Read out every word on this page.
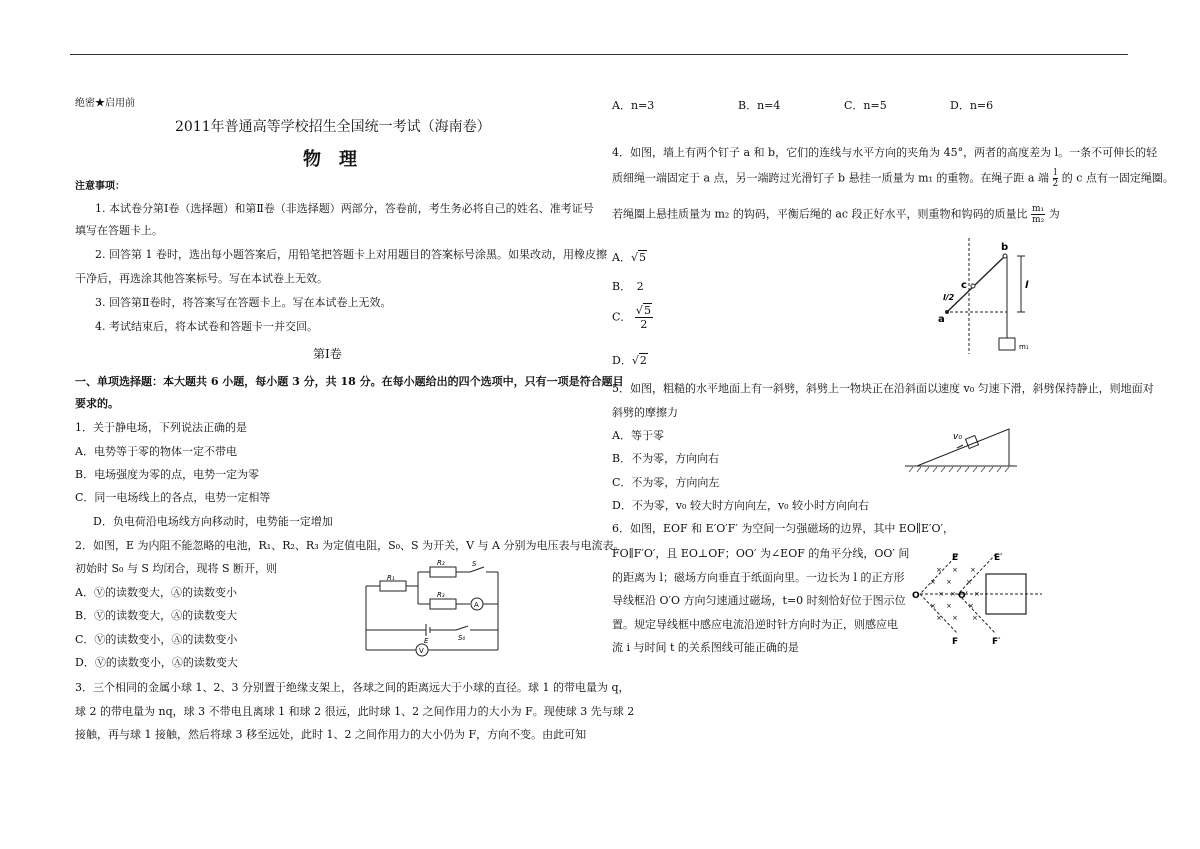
绝密★启用前
2011年普通高等学校招生全国统一考试（海南卷）
物　理
注意事项：
1. 本试卷分第Ⅰ卷（选择题）和第Ⅱ卷（非选择题）两部分，答卷前，考生务必将自己的姓名、准考证号
填写在答题卡上。
2. 回答第 1 卷时，选出每小题答案后，用铅笔把答题卡上对用题目的答案标号涂黑。如果改动，用橡皮擦
干净后，再选涂其他答案标号。写在本试卷上无效。
3. 回答第Ⅱ卷时，将答案写在答题卡上。写在本试卷上无效。
4. 考试结束后，将本试卷和答题卡一并交回。
第Ⅰ卷
一、单项选择题：本大题共 6 小题，每小题 3 分，共 18 分。在每小题给出的四个选项中，只有一项是符合题目
要求的。
1．关于静电场，下列说法正确的是
A．电势等于零的物体一定不带电
B．电场强度为零的点，电势一定为零
C．同一电场线上的各点，电势一定相等
D．负电荷沿电场线方向移动时，电势能一定增加
2．如图，E 为内阻不能忽略的电池，R₁、R₂、R₃ 为定值电阻，S₀、S 为开关，V 与 A 分别为电压表与电流表。
初始时 S₀ 与 S 均闭合，现将 S 断开，则
A．Ⓥ的读数变大，Ⓐ的读数变小
B．Ⓥ的读数变大，Ⓐ的读数变大
C．Ⓥ的读数变小，Ⓐ的读数变小
D．Ⓥ的读数变小，Ⓐ的读数变大
R₁
R₂
R₃
S
A
E	S₀
V
3．三个相同的金属小球 1、2、3 分别置于绝缘支架上，各球之间的距离远大于小球的直径。球 1 的带电量为 q，
球 2 的带电量为 nq，球 3 不带电且离球 1 和球 2 很远，此时球 1、2 之间作用力的大小为 F。现使球 3 先与球 2
接触，再与球 1 接触，然后将球 3 移至远处，此时 1、2 之间作用力的大小仍为 F，方向不变。由此可知
A．n=3	B．n=4	C．n=5	D．n=6
4．如图，墙上有两个钉子 a 和 b，它们的连线与水平方向的夹角为 45°，两者的高度差为 l。一条不可伸长的轻
质细绳一端固定于 a 点，另一端跨过光滑钉子 b 悬挂一质量为 m₁ 的重物。在绳子距 a 端 $\frac{l}{2}$ 的 c 点有一固定绳圈。
若绳圈上悬挂质量为 m₂ 的钩码，平衡后绳的 ac 段正好水平，则重物和钩码的质量比 $\frac{\text{m₁}}{\text{m₂}}$ 为
A．√5
B．　2
C． $\frac{√5}{2}$
D．√2
b
c
a
l/2
l
m₁
5．如图，粗糙的水平地面上有一斜劈，斜劈上一物块正在沿斜面以速度 v₀ 匀速下滑，斜劈保持静止，则地面对
斜劈的摩擦力
A．等于零
B．不为零，方向向右
C．不为零，方向向左
D．不为零，v₀ 较大时方向向左，v₀ 较小时方向向右
v₀
6．如图，EOF 和 E′O′F′ 为空间一匀强磁场的边界，其中 EO∥E′O′，
FO∥F′O′，且 EO⊥OF；OO′ 为∠EOF 的角平分线，OO′ 间
的距离为 l；磁场方向垂直于纸面向里。一边长为 l 的正方形
导线框沿 O′O 方向匀速通过磁场，t=0 时刻恰好位于图示位
置。规定导线框中感应电流沿逆时针方向时为正，则感应电
流 i 与时间 t 的关系图线可能正确的是
× × ×
× × ×
× ×	×
× × ×
× × ×
E	E′
O	O′
F	F′
